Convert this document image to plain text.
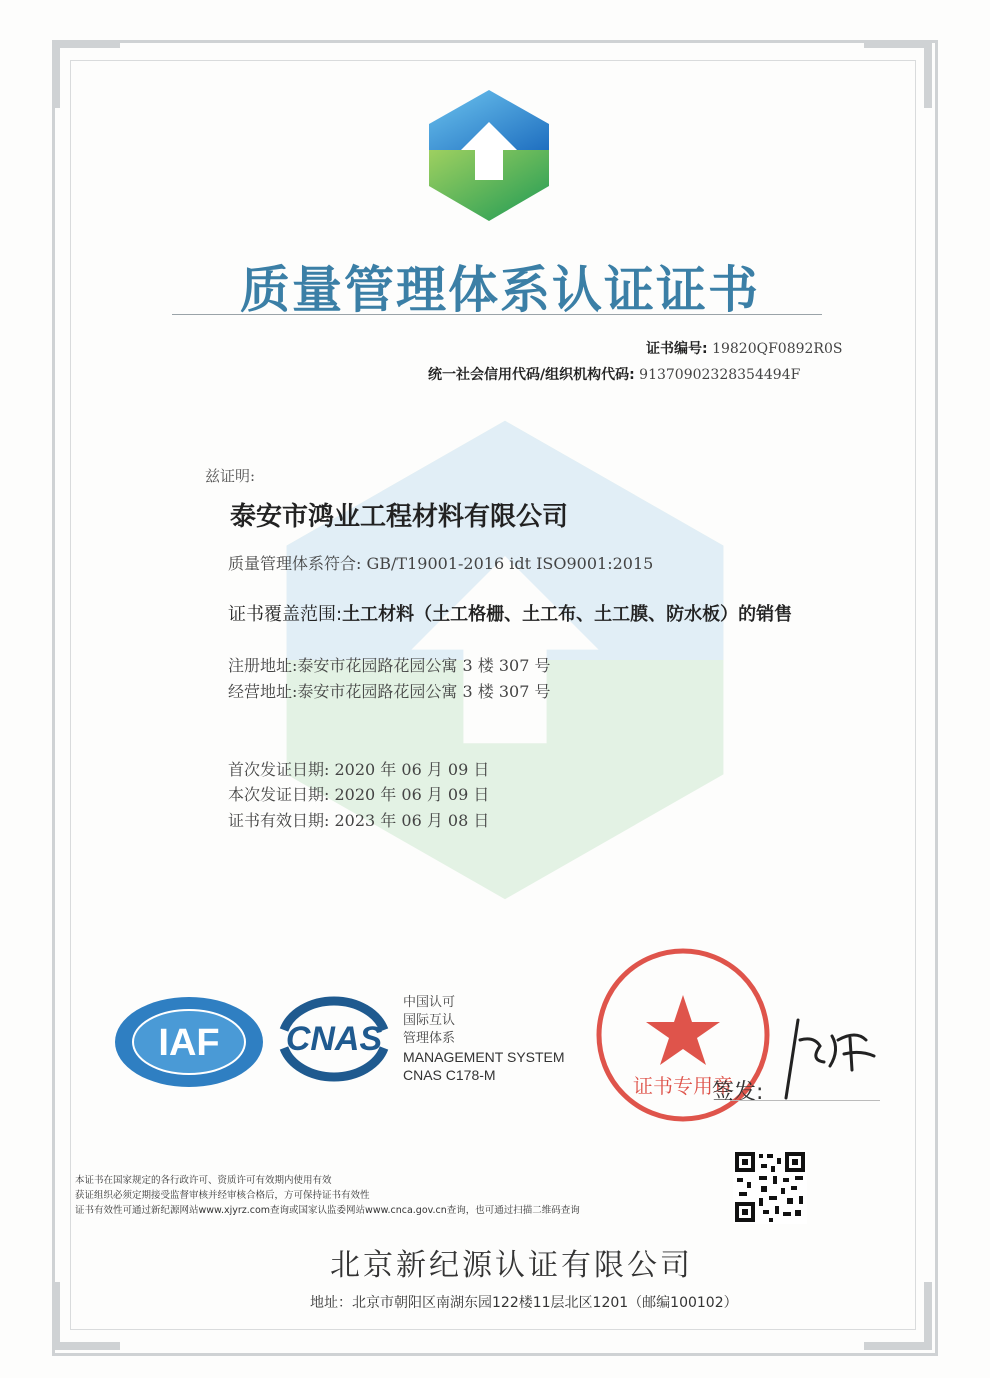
质量管理体系认证证书
证书编号: 19820QF0892R0S
统一社会信用代码/组织机构代码: 91370902328354494F
兹证明:
泰安市鸿业工程材料有限公司
质量管理体系符合: GB/T19001-2016 idt ISO9001:2015
证书覆盖范围:土工材料（土工格栅、土工布、土工膜、防水板）的销售
注册地址:泰安市花园路花园公寓 3 楼 307 号
经营地址:泰安市花园路花园公寓 3 楼 307 号
首次发证日期: 2020 年 06 月 09 日
本次发证日期: 2020 年 06 月 09 日
证书有效日期: 2023 年 06 月 08 日
IAF CNAS
中国认可
国际互认
管理体系
MANAGEMENT SYSTEM
CNAS C178-M	证书专用章
签发:
本证书在国家规定的各行政许可、资质许可有效期内使用有效
获证组织必须定期接受监督审核并经审核合格后，方可保持证书有效性
证书有效性可通过新纪源网站www.xjyrz.com查询或国家认监委网站www.cnca.gov.cn查询，也可通过扫描二维码查询
北京新纪源认证有限公司
地址：北京市朝阳区南湖东园122楼11层北区1201（邮编100102）
